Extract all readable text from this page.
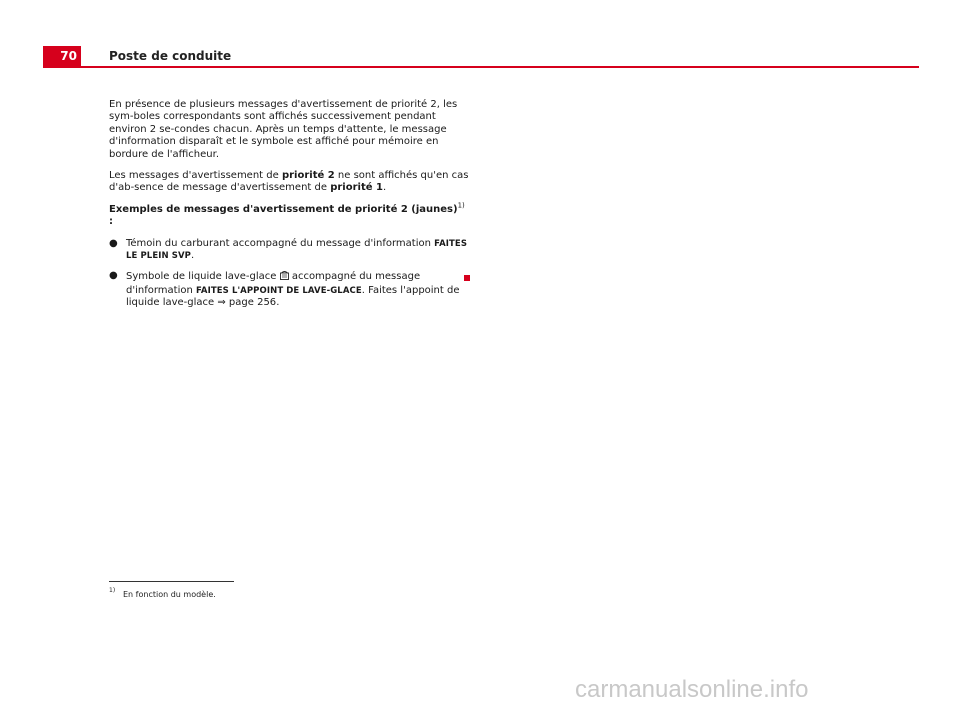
70	Poste de conduite

En présence de plusieurs messages d'avertissement de priorité 2, les sym-boles correspondants sont affichés successivement pendant environ 2 se-condes chacun. Après un temps d'attente, le message d'information disparaît et le symbole est affiché pour mémoire en bordure de l'afficheur.

Les messages d'avertissement de priorité 2 ne sont affichés qu'en cas d'ab-sence de message d'avertissement de priorité 1.

Exemples de messages d'avertissement de priorité 2 (jaunes)$^{1)}$ :

● Témoin du carburant accompagné du message d'information FAITES LE PLEIN SVP.

● Symbole de liquide lave-glace  accompagné du message d'information FAITES L'APPOINT DE LAVE-GLACE. Faites l'appoint de liquide lave-glace ⇒ page 256.

1) En fonction du modèle.
carmanualsonline.info
